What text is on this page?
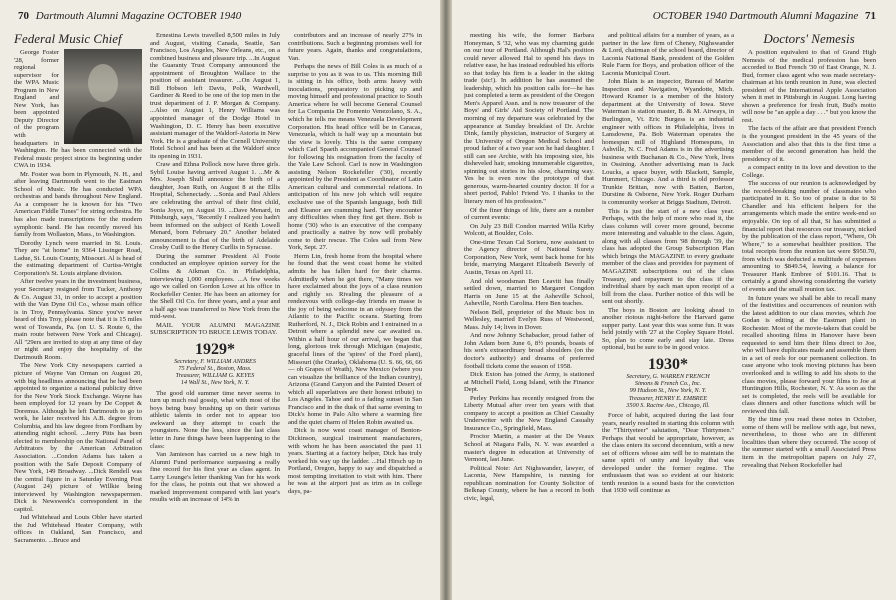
70 Dartmouth Alumni Magazine OCTOBER 1940
Federal Music Chief

George Foster '28, former regional supervisor for the WPA Music Program in New England and New York, has been appointed Deputy Director of the program with headquarters in Washington. He has been connected with the Federal music project since its beginning under CWA in 1934.

Mr. Foster was born in Plymouth, N. H., and after leaving Dartmouth went to the Eastman School of Music. He has conducted WPA orchestras and bands throughout New England. As a composer he is known for his "Two American Fiddle Tunes" for string orchestra. He has also made transcriptions for the modern symphonic band. He has recently moved his family from Wollaston, Mass., to Washington.

Dorothy Lynch were married in St. Louis. They are "at home" in 9364 Lissinger Road, Ladue, St. Louis County, Missouri. Al is head of the estimating department of Curtiss-Wright Corporation's St. Louis airplane division.

After twelve years in the investment business, your Secretary resigned from Tucker, Anthony & Co. August 31, in order to accept a position with the Van Dyne Oil Co., whose main office is in Troy, Pennsylvania. Since you've never heard of this Troy, please note that it is 15 miles west of Towanda, Pa. (on U. S. Route 6, the main route between New York and Chicago). All "29ers are invited to stop at any time of day or night and enjoy the hospitality of the Dartmouth Room.

The New York City newspapers carried a picture of Wayne Van Orman on August 20, with big headlines announcing that he had been appointed to organize a national publicity drive for the New York Stock Exchange. Wayne has been employed for 12 years by De Coppet & Doremus. Although he left Dartmouth to go to work, he later received his A.B. degree from Columbia, and his law degree from Fordham by attending night school. ...Jerry Pitts has been elected to membership on the National Panel of Arbitrators by the American Arbitration Association. ...Condon Adams has taken a position with the Safe Deposit Company of New York, 149 Broadway. ...Dick Rendell was the central figure in a Saturday Evening Post (August 24) picture of Willkie being interviewed by Washington newspapermen. Dick is Newsweek's correspondent in the capitol.

Jud Whitehead and Louis Obler have started the Jud Whitehead Heater Company, with offices in Oakland, San Francisco, and Sacramento. ...Bruce and

Ernestina Lewis travelled 8,500 miles in July and August, visiting Canada, Seattle, San Francisco, Los Angeles, New Orleans, etc., on a combined business and pleasure trip. ...In August the Guaranty Trust Company announced the appointment of Broughton Wallace to the position of assistant treasurer. ...On August 1, Bill Hobson left Davis, Polk, Wardwell, Gardiner & Reed to be one of the top men in the trust department of J. P. Morgan & Company. ...Also on August 1, Henry Williams was appointed manager of the Dodge Hotel in Washington, D. C. Henry has been executive assistant manager of the Waldorf-Astoria in New York. He is a graduate of the Cornell University Hotel School and has been at the Waldorf since its opening in 1931.

Craw and Ethna Pollock now have three girls. Sybil Louise having arrived August 1. ...Mr & Mrs. Joseph Shull announce the birth of a daughter, Joan Ruth, on August 8 at the Ellis Hospital, Schenectady. ...Sonia and Paul Ahlers are celebrating the arrival of their first child, Sonia Joyce, on August 19. ...Dave Menard, in Pittsburgh, says, "Recently I realized you hadn't been informed on the subject of Keith Lowell Menard, born February 20." Another belated announcement is that of the birth of Adelaide Crosby Cutll to the Henry Curllis in Syracuse.

During the summer President Al Foote conducted an employee opinion survey for the Collins & Aikman Co. in Philadelphia, interviewing 1,000 employees. ...A few weeks ago we called on Gordon Lowe at his office in Rockefeller Center. He has been an attorney for the Shell Oil Co. for three years, and a year and a half ago was transferred to New York from the mid-west.

MAIL YOUR ALUMNI MAGAZINE SUBSCRIPTION TO BRUCE LEWIS TODAY.

1929*
Secretary, F. WILLIAM ANDRES
75 Federal St., Boston, Mass.
Treasurer, WILLIAM G. KEYES
14 Wall St., New York, N. Y.

The good old summer time never seems to turn up much real gossip, what with most of the boys being busy brushing up on their various athletic talents in order not to appear too awkward as they attempt to coach the youngsters. None the less, since the last class letter in June things have been happening to the class:

Van Jamieson has carried us a new high in Alumni Fund performance surpassing a really fine record for his first year as class agent. In Larry Lounge's letter thanking Van for his work for the class, he points out that we showed a marked improvement compared with last year's results with an increase of 14% in

contributors and an increase of nearly 27% in contributions. Such a beginning promises well for future years. Again, thanks and congratulations, Van.

Perhaps the news of Bill Coles is as much of a surprise to you as it was to us. This morning Bill is sitting in his office, both arms heavy with inoculations, preparatory to picking up and moving himself and professional practice to South America where he will become General Counsel for La Compania De Fomento Venezolano, S. A., which he tells me means Venezuela Development Corporation. His head office will be in Caracas, Venezuela, which is half way up a mountain but the view is lovely. This is the same company which Carl Spaeth accompanied General Counsel for following his resignation from the faculty of the Yale Law School. Carl is now in Washington assisting Nelson Rockefeller ('30), recently appointed by the President as Coordinator of Latin American cultural and commercial relations. In anticipation of his new job which will require exclusive use of the Spanish language, both Bill and Eleanor are cramming hard. They encounter any difficulties when they first get there. Bob is home ('30) who is an executive of the company and practically a native by now will probably come to their rescue. The Coles sail from New York, Sept. 27.

Herm Lin, fresh home from the hospital where he found that the west coast home he visited admits he has fallen hard for their charms. Admittedly when he got there, "Many times we have exclaimed about the joys of a class reunion and rightly so. Rivaling the pleasure of a rendezvous with college-day friends en masse is the joy of being welcome in an odyssey from the Atlantic to the Pacific oceans. Starting from Rutherford, N. J., Dick Robin and I entrained in a Detroit where a splendid new car awaited us. Within a half hour of our arrival, we began that long, glorious trek through Michigan (majestic, graceful lines of the 'spires' of the Ford plant), Missouri (the Ozarks), Oklahoma (U. S. 66, 66, 66 — oh Grapes of Wrath), New Mexico (where you can visualize the brilliance of the Indian country), Arizona (Grand Canyon and the Painted Desert of which all superlatives are their honest tribute) to Los Angeles. Tahoe and to a fading sunset in San Francisco and in the dusk of that same evening to Dick's home in Palo Alto where a warming fire and the quiet charm of Helen Robin awaited us.

Dick is now west coast manager of Benton-Dickinson, surgical instrument manufacturers, with whom he has been associated the past 11 years. Starting at a factory helper, Dick has truly worked his way up the ladder. ...Hal Hirsch up in Portland, Oregon, happy to say and dispatched a most tempting invitation to visit with him. There he was at the airport just as trim as in college days, pa-

OCTOBER 1940 Dartmouth Alumni Magazine 71

meeting his wife, the former Barbara Honeyman, S '32, who was my charming guide on our tour of Portland. Although Hal's position could never allowed Hal to spend his days in relative ease, he has instead redoubled his efforts so that today his firm is a leader in the skiing trade (sic!). In addition he has assumed the leadership, which his position calls for—he has just completed a term as president of the Oregon Men's Apparel Assn. and is now treasurer of the Boys' and Girls' Aid Society of Portland. The morning of my departure was celebrated by the appearance at Sunday breakfast of Dr. Archie Dink, family physician, instructor of Surgery at the University of Oregon Medical School and proud father of a two year son he had daughter. I still can see Archie, with his imposing size, his disheveled hair, smoking innumerable cigarettes, spinning out stories in his slow, charming way. Yes he is even now the prototype of that generous, warm-hearted country doctor. If for a short period, Pablo! Friend Yo. I thanks to the literary men of his profession."

Of the finer things of life, there are a number of current events:

On July 23 Bill Condon married Willa Kirby Wolcott, at Boulder, Colo.

One-time Texan Cal Sorieru, now assistant to the Agency director of National Surety Corporation, New York, went back home for his bride, marrying Margaret Elizabeth Beverly of Austin, Texas on April 11.

And old woodsman Ben Leavitt has finally settled down, married to Margaret Congdon Harris on June 15 at the Asheville School, Asheville, North Carolina. Here Ben teaches.

Nelson Bell, proprietor of the Music box in Wellesley, married Evelyn Russ of Westwood, Mass. July 14; lives in Dover.

And now Johnny Schabacker, proud father of John Adam born June 6, 8½ pounds, boasts of his son's extraordinary broad shoulders (on the doctor's authority) and dreams of preferred football tickets come the season of 1958.

Dick Exton has joined the Army, is stationed at Mitchell Field, Long Island, with the Finance Dept.

Perley Perkins has recently resigned from the Liberty Mutual after over ten years with that company to accept a position as Chief Casualty Underwriter with the New England Casualty Insurance Co., Springfield, Mass.

Proctor Martin, a master at the De Veaux School at Niagara Falls, N. Y. was awarded a master's degree in education at University of Vermont, last June.

Political Note: Art Nighswander, lawyer, of Laconia, New Hampshire, is running for republican nomination for County Solicitor of Belknap County, where he has a record in both civic, legal,

and political affairs for a number of years, as a partner in the law firm of Cheney, Nighswander & Lord, chairman of the school board, director of Laconia National Bank, president of the Golden Rule Farm for Boys, and probation officer of the Laconia Municipal Court.

John Blain is an inspector, Bureau of Marine Inspection and Navigation, Wyandotte, Mich. Howard Kramer is a member of the history department at the University of Iowa. Steve Waterman is station master, B. & M. Airways, in Burlington, Vt. Eric Burgess is an industrial engineer with offices in Philadelphia, lives in Lansdowne, Pa. Bob Waterman operates the homespun mill of Highland Homespuns, in Ashville, N. C. Fred Adams is in the advertising business with Buchanan & Co., New York, lives in Ossining. Another advertising man is Jack Loucks, a space buyer, with Blackett, Sample, Hummert, Chicago. And a third is old professor Trunkie Brittan, now with Batten, Barton, Durstine & Osborne, New York. Roger Durham is community worker at Briggs Stadium, Detroit.

This is just the start of a new class year. Perhaps, with the help of more who read it, the class column will cover more ground, become more interesting and valuable to the class. Again, along with all classes from '98 through '39, the class has adopted the Group Subscription Plan which brings the MAGAZINE to every graduate member of the class and provides for payment of MAGAZINE subscriptions out of the class Treasury, and repayment to the class if the individual share by each man upon receipt of a bill from the class. Further notice of this will be sent out shortly.

The boys in Boston are looking ahead to another riotous night-before the Harvard game supper party. Last year this was some fun. It was held jointly with '27 at the Copley Square Hotel. So, plan to come early and stay late. Dress optional, but be sure to be in good voice.

1930*
Secretary, G. WARREN FRENCH
Simons & French Co., Inc.
99 Hudson St., New York, N. Y.
Treasurer, HENRY E. EMBREE
3500 S. Racine Ave., Chicago, Ill.

Force of habit, acquired during the last four years, nearly resulted in starting this column with the "Thirtyeteer" salutation, "Dear Thirtymen." Perhaps that would be appropriate, however, as the class enters its second decennium, with a new set of officers whose aim will be to maintain the same spirit of unity and loyalty that was developed under the former regime. The enthusiasm that was so evident at our historic tenth reunion is a sound basis for the conviction that 1930 will continue as

Doctors' Nemesis

A position equivalent to that of Grand High Nemesis of the medical profession has been accorded to Bud French '30 of East Orange, N. J. Bud, former class agent who was made secretary-chairman at his tenth reunion in June, was elected president of the International Apple Association when it met in Pittsburgh in August. Long having shown a preference for fresh fruit, Bud's motto will now be "an apple a day . . ." but you know the rest.

The facts of the affair are that president French is the youngest president in the 45 years of the Association and also that this is the first time a member of the second generation has held the presidency of it.

a compact entity in its love and devotion to the College.

The success of our reunion is acknowledged by the record-breaking number of classmates who participated in it. So too of praise is due to Si Chandler and his efficient helpers for the arrangements which made the entire week-end so enjoyable. On top of all that, Si has submitted a financial report that resources our treasury, nicked by the publication of the class report, "Where, Oh Where," to a somewhat healthier position. The total receipts from the reunion tax were $950.70, from which was deducted a multitude of expenses amounting to $849.54, leaving a balance for Treasurer Hank Embree of $101.16. That is certainly a grand showing considering the variety of events and the small reunion tax.

In future years we shall be able to recall many of the festivities and occurrences of reunion with the latest addition to our class movies, which Joe Godan is editing at the Eastman plant in Rochester. Most of the movie-takers that could be recalled shooting films in Hanover have been requested to send him their films direct to Joe, who will have duplicates made and assemble them in a set of reels for our permanent collection. In case anyone who took moving pictures has been overlooked and is willing to add his shots to the class movies, please forward your films to Joe at Huntington Hills, Rochester, N. Y. As soon as the set is completed, the reels will be available for class dinners and other functions which will be reviewed this fall.

By the time you read these notes in October, some of them will be mellow with age, but news, nevertheless, to those who are in different localities than where they occurred. The scoop of the summer started with a small Associated Press item in the metropolitan papers on July 27, revealing that Nelson Rockefeller had
